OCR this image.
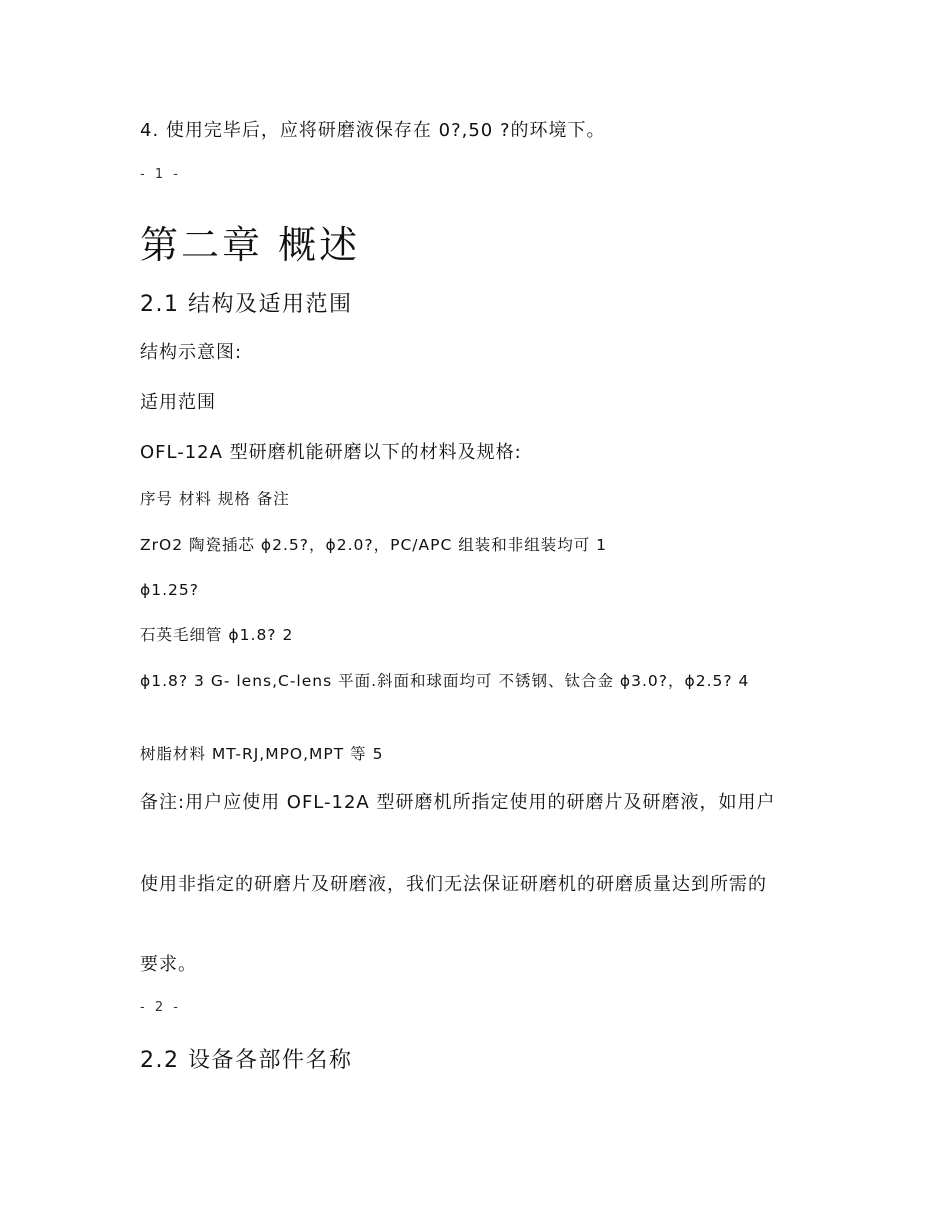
4. 使用完毕后，应将研磨液保存在 0?,50 ?的环境下。

- 1 -

第二章 概述
2.1 结构及适用范围

结构示意图:

适用范围

OFL-12A 型研磨机能研磨以下的材料及规格:

序号 材料 规格 备注

ZrO2 陶瓷插芯 ϕ2.5?，ϕ2.0?，PC/APC 组装和非组装均可 1

ϕ1.25?

石英毛细管 ϕ1.8? 2

ϕ1.8? 3 G- lens,C-lens 平面.斜面和球面均可 不锈钢、钛合金 ϕ3.0?，ϕ2.5? 4

树脂材料 MT-RJ,MPO,MPT 等 5

备注:用户应使用 OFL-12A 型研磨机所指定使用的研磨片及研磨液，如用户

使用非指定的研磨片及研磨液，我们无法保证研磨机的研磨质量达到所需的

要求。

- 2 -

2.2 设备各部件名称
